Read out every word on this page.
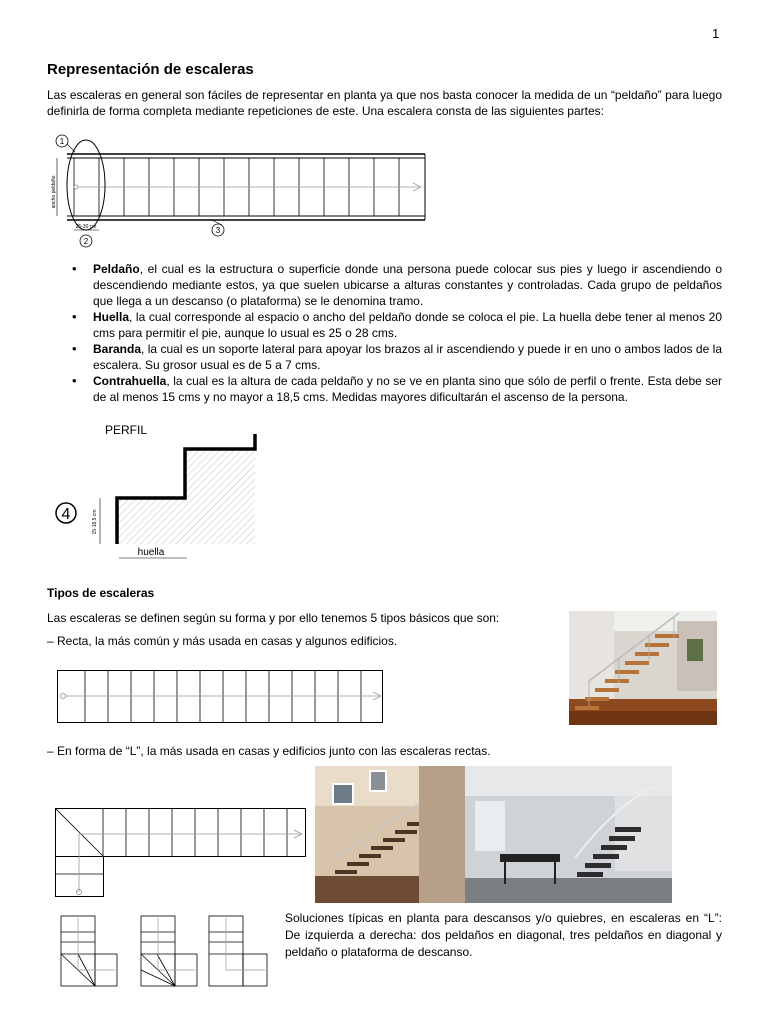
1
Representación de escaleras
Las escaleras en general son fáciles de representar en planta ya que nos basta conocer la medida de un “peldaño” para luego definirla de forma completa mediante repeticiones de este. Una escalera consta de las siguientes partes:
ancho peldaño
25-30 cm
1
2
3
• Peldaño, el cual es la estructura o superficie donde una persona puede colocar sus pies y luego ir ascendiendo o descendiendo mediante estos, ya que suelen ubicarse a alturas constantes y controladas. Cada grupo de peldaños que llega a un descanso (o plataforma) se le denomina tramo.
• Huella, la cual corresponde al espacio o ancho del peldaño donde se coloca el pie. La huella debe tener al menos 20 cms para permitir el pie, aunque lo usual es 25 o 28 cms.
• Baranda, la cual es un soporte lateral para apoyar los brazos al ir ascendiendo y puede ir en uno o ambos lados de la escalera. Su grosor usual es de 5 a 7 cms.
• Contrahuella, la cual es la altura de cada peldaño y no se ve en planta sino que sólo de perfil o frente. Esta debe ser de al menos 15 cms y no mayor a 18,5 cms. Medidas mayores dificultarán el ascenso de la persona.
PERFIL
4	15-18,5 cm
huella
Tipos de escaleras
Las escaleras se definen según su forma y por ello tenemos 5 tipos básicos que son:
– Recta, la más común y más usada en casas y algunos edificios.
– En forma de “L”, la más usada en casas y edificios junto con las escaleras rectas.
Soluciones típicas en planta para descansos y/o quiebres, en escaleras en “L”: De izquierda a derecha: dos peldaños en diagonal, tres peldaños en diagonal y peldaño o plataforma de descanso.
